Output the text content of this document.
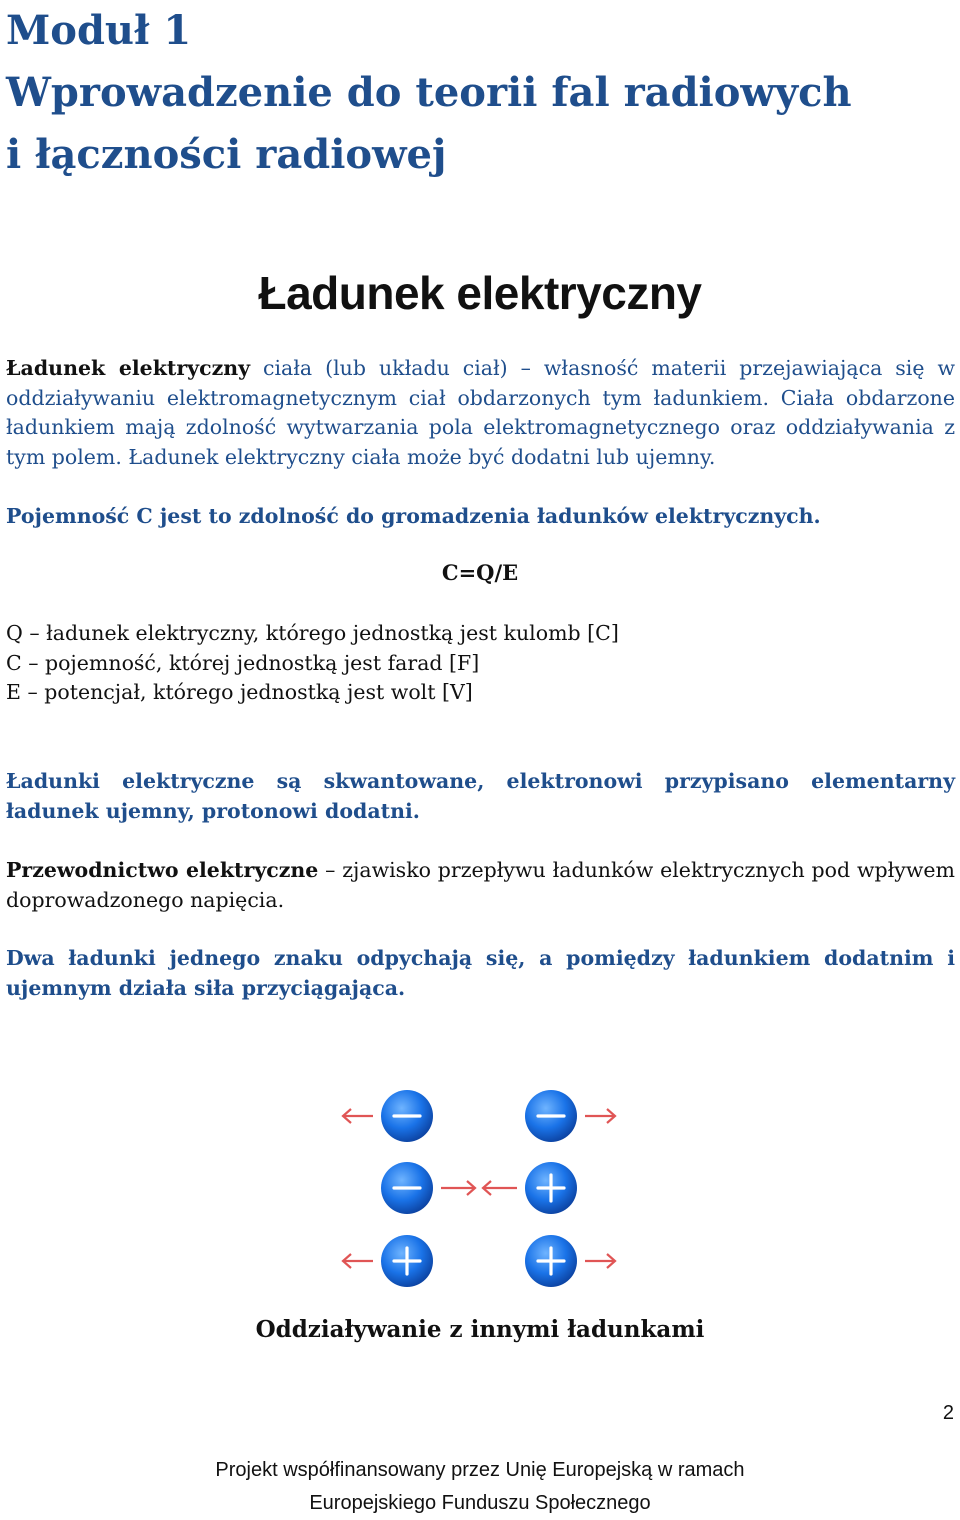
Moduł 1
Wprowadzenie do teorii fal radiowych
i łączności radiowej
Ładunek elektryczny

Ładunek elektryczny ciała (lub układu ciał) – własność materii przejawiająca się w oddziaływaniu elektromagnetycznym ciał obdarzonych tym ładunkiem. Ciała obdarzone ładunkiem mają zdolność wytwarzania pola elektromagnetycznego oraz oddziaływania z tym polem. Ładunek elektryczny ciała może być dodatni lub ujemny.

Pojemność C jest to zdolność do gromadzenia ładunków elektrycznych.

C=Q/E
Q – ładunek elektryczny, którego jednostką jest kulomb [C]
C – pojemność, której jednostką jest farad [F]
E – potencjał, którego jednostką jest wolt [V]

Ładunki elektryczne są skwantowane, elektronowi przypisano elementarny ładunek ujemny, protonowi dodatni.

Przewodnictwo elektryczne – zjawisko przepływu ładunków elektrycznych pod wpływem doprowadzonego napięcia.

Dwa ładunki jednego znaku odpychają się, a pomiędzy ładunkiem dodatnim i ujemnym działa siła przyciągająca.

Oddziaływanie z innymi ładunkami
2
Projekt współfinansowany przez Unię Europejską w ramach
Europejskiego Funduszu Społecznego
